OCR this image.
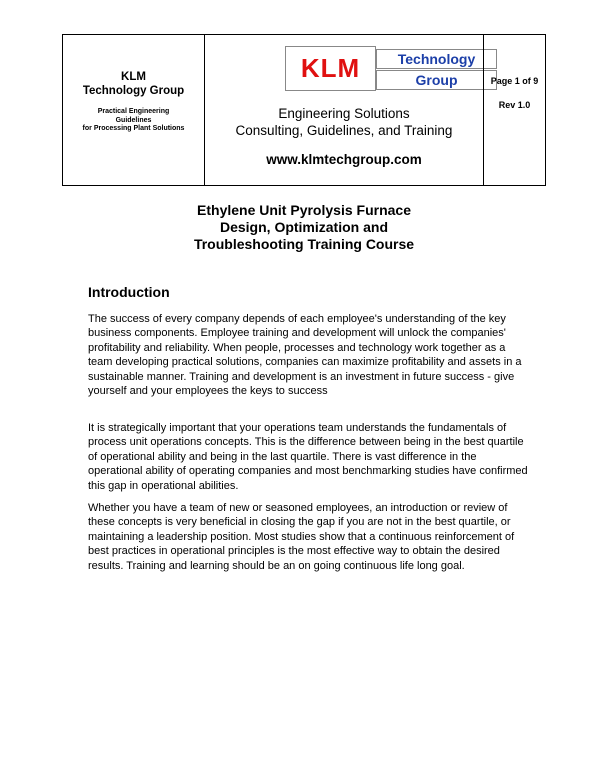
KLM
Technology Group
Practical Engineering
Guidelines
for Processing Plant Solutions
KLM	Technology
Group
Engineering Solutions
Consulting, Guidelines, and Training
www.klmtechgroup.com
Page 1 of 9
Rev 1.0
Ethylene Unit Pyrolysis Furnace
Design, Optimization and
Troubleshooting Training Course
Introduction

The success of every company depends of each employee's understanding of the key business components. Employee training and development will unlock the companies' profitability and reliability. When people, processes and technology work together as a team developing practical solutions, companies can maximize profitability and assets in a sustainable manner. Training and development is an investment in future success - give yourself and your employees the keys to success

It is strategically important that your operations team understands the fundamentals of process unit operations concepts. This is the difference between being in the best quartile of operational ability and being in the last quartile. There is vast difference in the operational ability of operating companies and most benchmarking studies have confirmed this gap in operational abilities.

Whether you have a team of new or seasoned employees, an introduction or review of these concepts is very beneficial in closing the gap if you are not in the best quartile, or maintaining a leadership position. Most studies show that a continuous reinforcement of best practices in operational principles is the most effective way to obtain the desired results. Training and learning should be an on going continuous life long goal.
